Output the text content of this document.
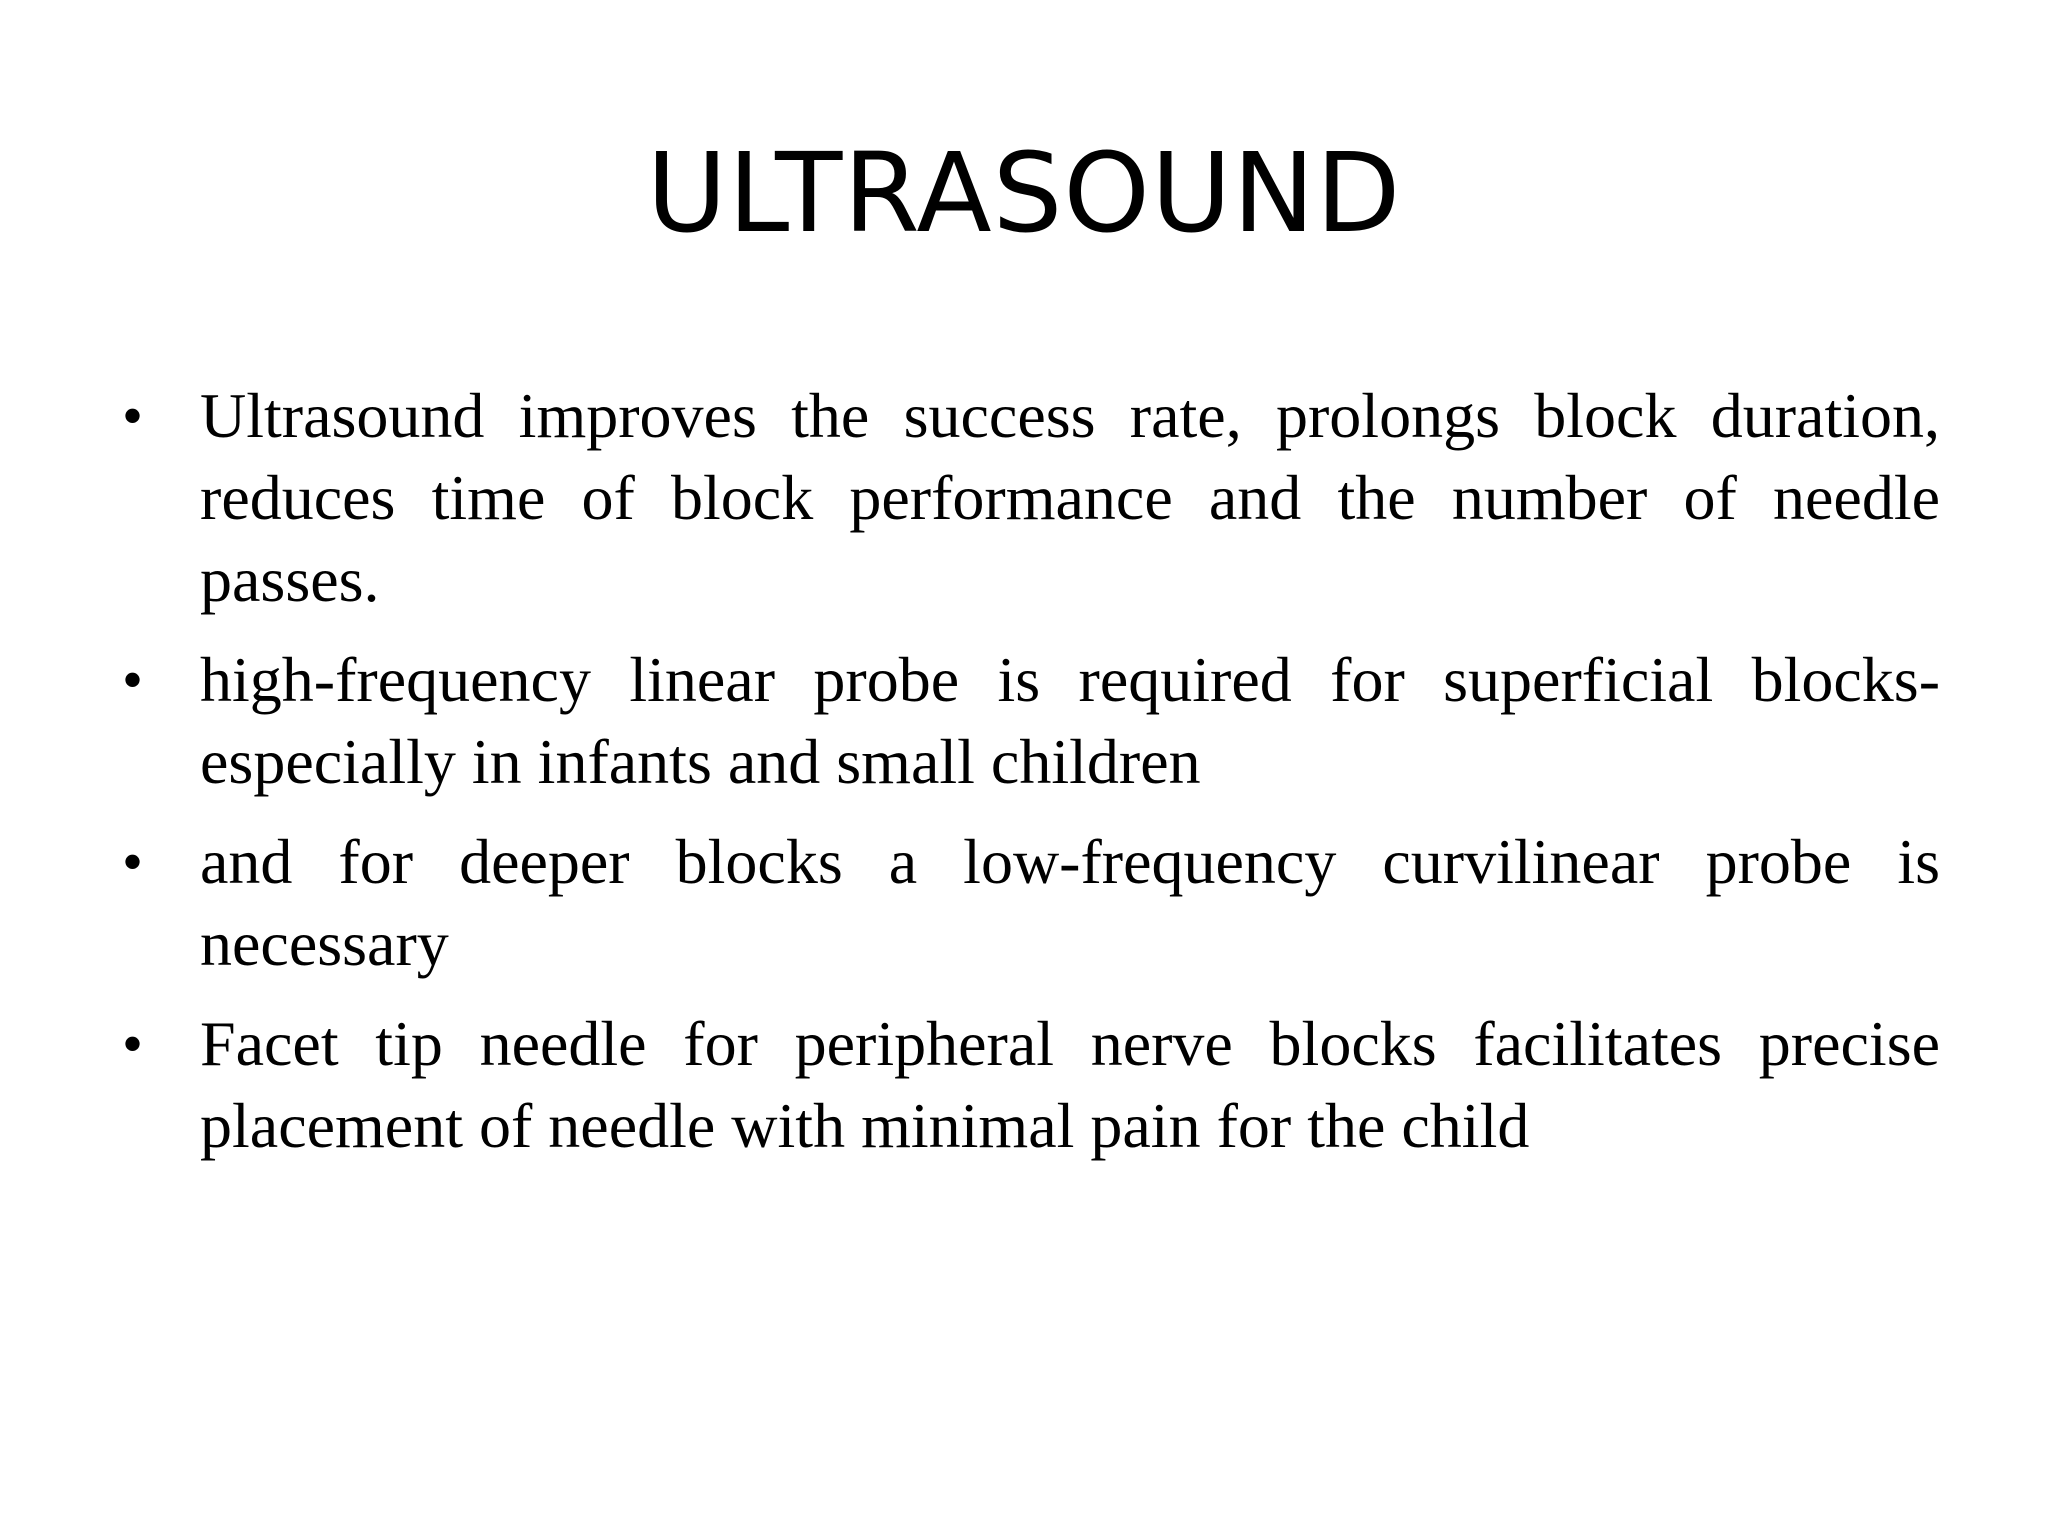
ULTRASOUND
• Ultrasound improves the success rate, prolongs block duration, reduces time of block performance and the number of needle passes.
• high-frequency linear probe is required for superficial blocks-especially in infants and small children
• and for deeper blocks a low-frequency curvilinear probe is necessary
• Facet tip needle for peripheral nerve blocks facilitates precise placement of needle with minimal pain for the child
